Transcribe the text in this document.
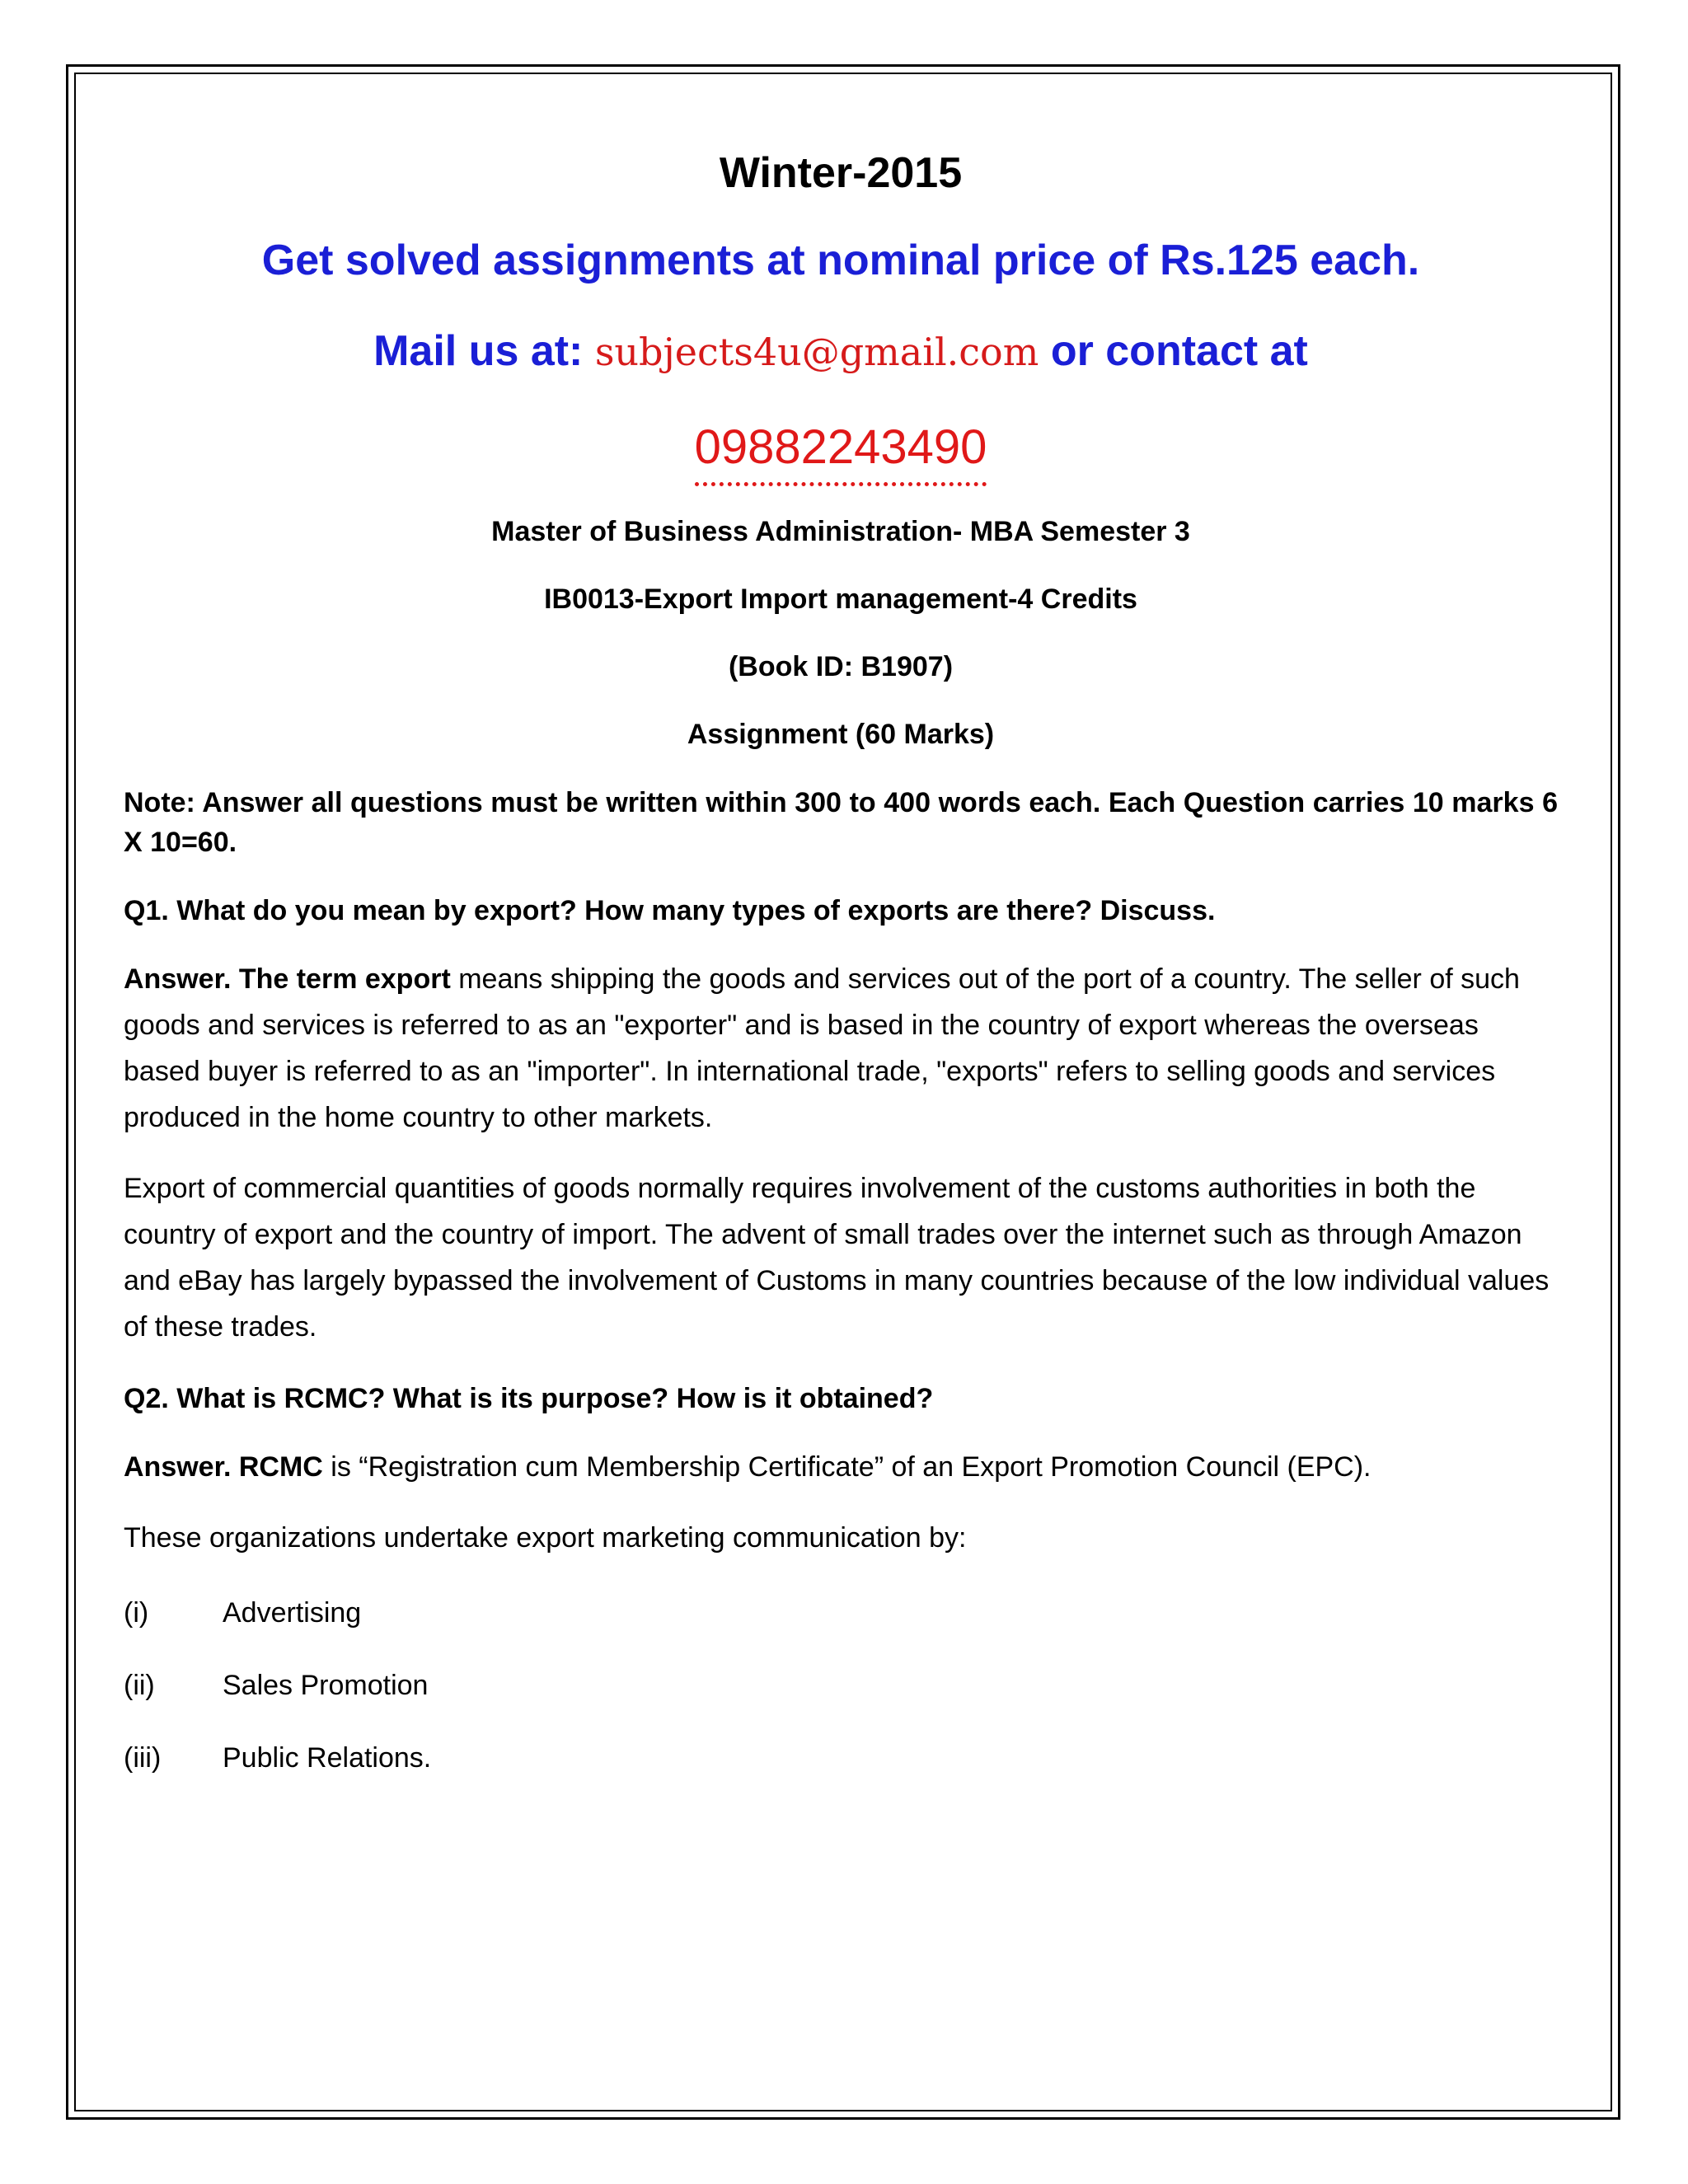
Winter-2015
Get solved assignments at nominal price of Rs.125 each.
Mail us at: subjects4u@gmail.com or contact at
09882243490
Master of Business Administration- MBA Semester 3
IB0013-Export Import management-4 Credits
(Book ID: B1907)
Assignment (60 Marks)
Note: Answer all questions must be written within 300 to 400 words each. Each Question carries 10 marks 6 X 10=60.
Q1. What do you mean by export? How many types of exports are there? Discuss.
Answer. The term export means shipping the goods and services out of the port of a country. The seller of such goods and services is referred to as an "exporter" and is based in the country of export whereas the overseas based buyer is referred to as an "importer". In international trade, "exports" refers to selling goods and services produced in the home country to other markets.
Export of commercial quantities of goods normally requires involvement of the customs authorities in both the country of export and the country of import. The advent of small trades over the internet such as through Amazon and eBay has largely bypassed the involvement of Customs in many countries because of the low individual values of these trades.
Q2. What is RCMC? What is its purpose? How is it obtained?
Answer. RCMC is “Registration cum Membership Certificate” of an Export Promotion Council (EPC).
These organizations undertake export marketing communication by:
(i)	Advertising
(ii)	Sales Promotion
(iii)	Public Relations.
